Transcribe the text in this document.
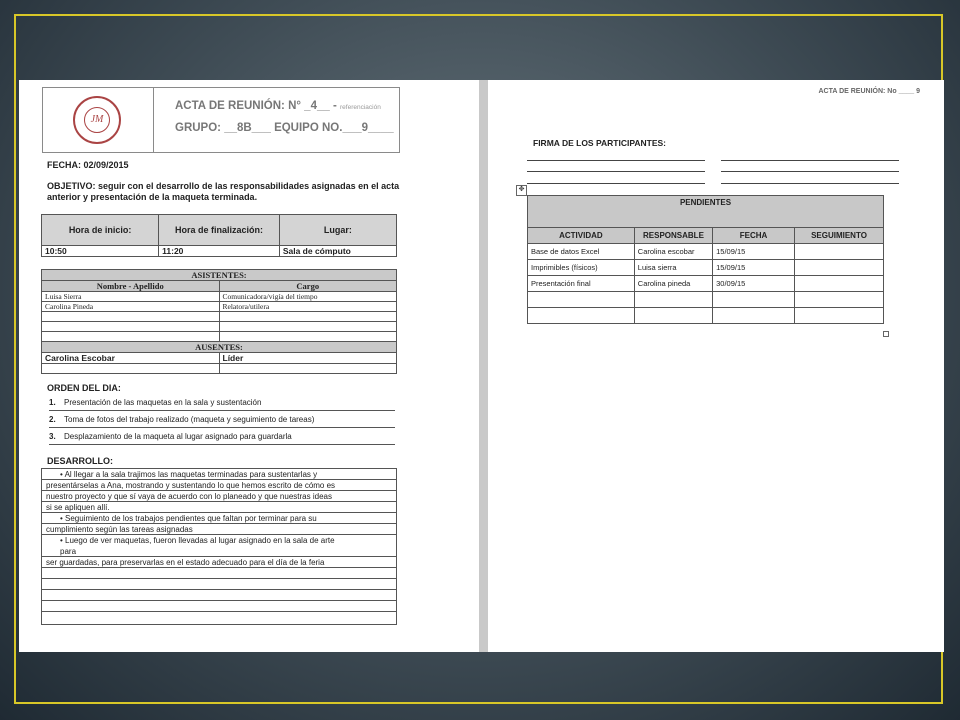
JM
ACTA DE REUNIÓN: N° _4__ - referenciación
GRUPO: __8B___ EQUIPO NO.___9____
FECHA: 02/09/2015
OBJETIVO: seguir con el desarrollo de las responsabilidades asignadas en el acta anterior y presentación de la maqueta terminada.
Hora de inicio:	Hora de finalización:	Lugar:
10:50	11:20	Sala de cómputo
ASISTENTES:	
Nombre - Apellido	Cargo
Luisa Sierra	Comunicadora/vigía del tiempo
Carolina Pineda	Relatora/utilera

AUSENTES:	
Carolina Escobar	Líder

ORDEN DEL DIA:
1. Presentación de las maquetas en la sala y sustentación
2. Toma de fotos del trabajo realizado (maqueta y seguimiento de tareas)
3. Desplazamiento de la maqueta al lugar asignado para guardarla
DESARROLLO:
• Al llegar a la sala trajimos las maquetas terminadas para sustentarlas y
presentárselas a Ana, mostrando y sustentando lo que hemos escrito de cómo es
nuestro proyecto y que sí vaya de acuerdo con lo planeado y que nuestras ideas
si se apliquen allí.
• Seguimiento de los trabajos pendientes que faltan por terminar para su
cumplimiento según las tareas asignadas
• Luego de ver maquetas, fueron llevadas al lugar asignado en la sala de arte
para
ser guardadas, para preservarlas en el estado adecuado para el día de la feria
ACTA DE REUNIÓN: No ____ 9
FIRMA DE LOS PARTICIPANTES:
✥
PENDIENTES			
ACTIVIDAD	RESPONSABLE	FECHA	SEGUIMIENTO
Base de datos Excel	Carolina escobar	15/09/15	
Imprimibles (físicos)	Luisa sierra	15/09/15	
Presentación final	Carolina pineda	30/09/15	
